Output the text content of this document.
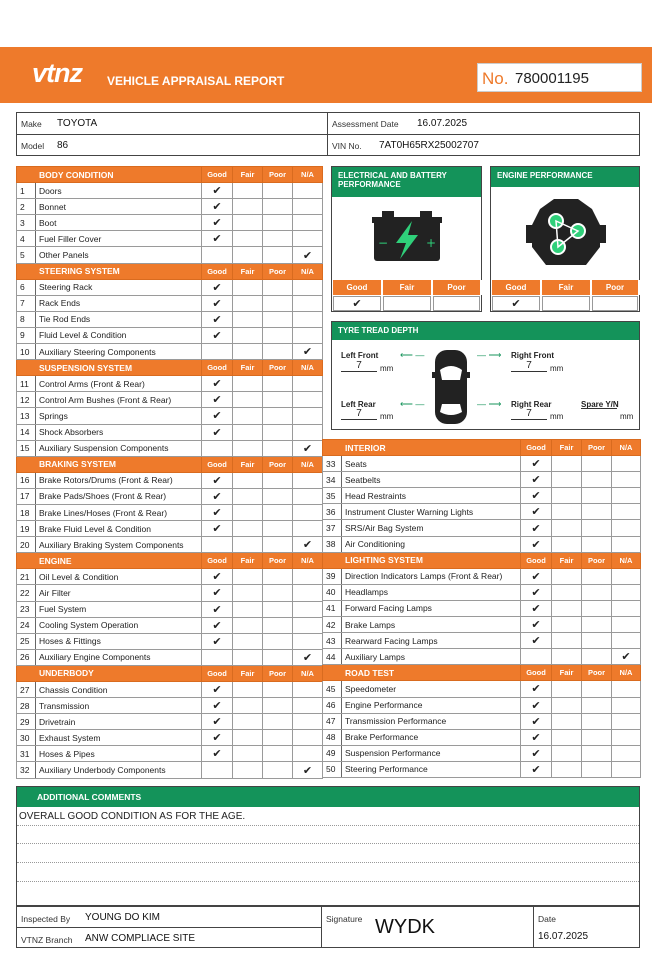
vtnz VEHICLE APPRAISAL REPORT	No. 780001195
Make TOYOTA
Model 86
Assessment Date 16.07.2025
VIN No. 7AT0H65RX25002707
BODY CONDITION		Good	Fair	Poor	N/A
1	Doors	✔			
2	Bonnet	✔			
3	Boot	✔			
4	Fuel Filler Cover	✔			
5	Other Panels				✔
STEERING SYSTEM		Good	Fair	Poor	N/A
6	Steering Rack	✔			
7	Rack Ends	✔			
8	Tie Rod Ends	✔			
9	Fluid Level & Condition	✔			
10	Auxiliary Steering Components				✔
SUSPENSION SYSTEM		Good	Fair	Poor	N/A
11	Control Arms (Front & Rear)	✔			
12	Control Arm Bushes (Front & Rear)	✔			
13	Springs	✔			
14	Shock Absorbers	✔			
15	Auxiliary Suspension Components				✔
BRAKING SYSTEM		Good	Fair	Poor	N/A
16	Brake Rotors/Drums (Front & Rear)	✔			
17	Brake Pads/Shoes (Front & Rear)	✔			
18	Brake Lines/Hoses (Front & Rear)	✔			
19	Brake Fluid Level & Condition	✔			
20	Auxiliary Braking System Components				✔
ENGINE		Good	Fair	Poor	N/A
21	Oil Level & Condition	✔			
22	Air Filter	✔			
23	Fuel System	✔			
24	Cooling System Operation	✔			
25	Hoses & Fittings	✔			
26	Auxiliary Engine Components				✔
UNDERBODY		Good	Fair	Poor	N/A
27	Chassis Condition	✔			
28	Transmission	✔			
29	Drivetrain	✔			
30	Exhaust System	✔			
31	Hoses & Pipes	✔			
32	Auxiliary Underbody Components				✔
INTERIOR		Good	Fair	Poor	N/A
33	Seats	✔			
34	Seatbelts	✔			
35	Head Restraints	✔			
36	Instrument Cluster Warning Lights	✔			
37	SRS/Air Bag System	✔			
38	Air Conditioning	✔			
LIGHTING SYSTEM		Good	Fair	Poor	N/A
39	Direction Indicators Lamps (Front & Rear)	✔			
40	Headlamps	✔			
41	Forward Facing Lamps	✔			
42	Brake Lamps	✔			
43	Rearward Facing Lamps	✔			
44	Auxiliary Lamps				✔
ROAD TEST		Good	Fair	Poor	N/A
45	Speedometer	✔			
46	Engine Performance	✔			
47	Transmission Performance	✔			
48	Brake Performance	✔			
49	Suspension Performance	✔			
50	Steering Performance	✔			
ELECTRICAL AND BATTERY PERFORMANCE
−	+
Good	Fair	Poor
✔
ENGINE PERFORMANCE
Good	Fair	Poor
✔
TYRE TREAD DEPTH
Left Front
7	mm
Right Front
7	mm
Left Rear
7	mm
Right Rear
7	mm
Spare Y/N
mm
⟵ —	— ⟶
⟵ —	— ⟶
ADDITIONAL COMMENTS
OVERALL GOOD CONDITION AS FOR THE AGE.
Inspected By YOUNG DO KIM
VTNZ Branch ANW COMPLIACE SITE
Signature WYDK	Date
16.07.2025
